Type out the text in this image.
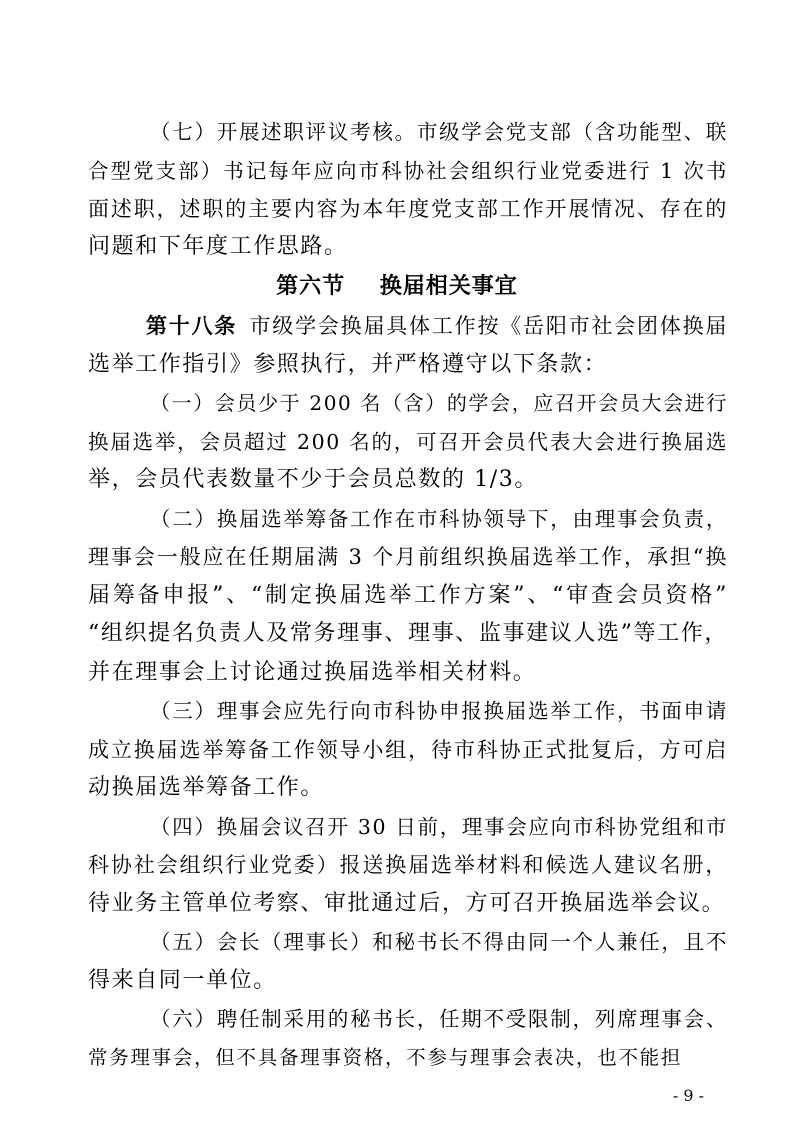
（七）开展述职评议考核。市级学会党支部（含功能型、联
合型党支部）书记每年应向市科协社会组织行业党委进行 1 次书
面述职，述职的主要内容为本年度党支部工作开展情况、存在的
问题和下年度工作思路。
第六节    换届相关事宜
第十八条  市级学会换届具体工作按《岳阳市社会团体换届
选举工作指引》参照执行，并严格遵守以下条款：
（一）会员少于 200 名（含）的学会，应召开会员大会进行
换届选举，会员超过 200 名的，可召开会员代表大会进行换届选
举，会员代表数量不少于会员总数的 1/3。
（二）换届选举筹备工作在市科协领导下，由理事会负责，
理事会一般应在任期届满 3 个月前组织换届选举工作，承担“换
届筹备申报”、“制定换届选举工作方案”、“审查会员资格”
“组织提名负责人及常务理事、理事、监事建议人选”等工作，
并在理事会上讨论通过换届选举相关材料。
（三）理事会应先行向市科协申报换届选举工作，书面申请
成立换届选举筹备工作领导小组，待市科协正式批复后，方可启
动换届选举筹备工作。
（四）换届会议召开 30 日前，理事会应向市科协党组和市
科协社会组织行业党委）报送换届选举材料和候选人建议名册，
待业务主管单位考察、审批通过后，方可召开换届选举会议。
（五）会长（理事长）和秘书长不得由同一个人兼任，且不
得来自同一单位。
（六）聘任制采用的秘书长，任期不受限制，列席理事会、
常务理事会，但不具备理事资格，不参与理事会表决，也不能担
- 9 -
